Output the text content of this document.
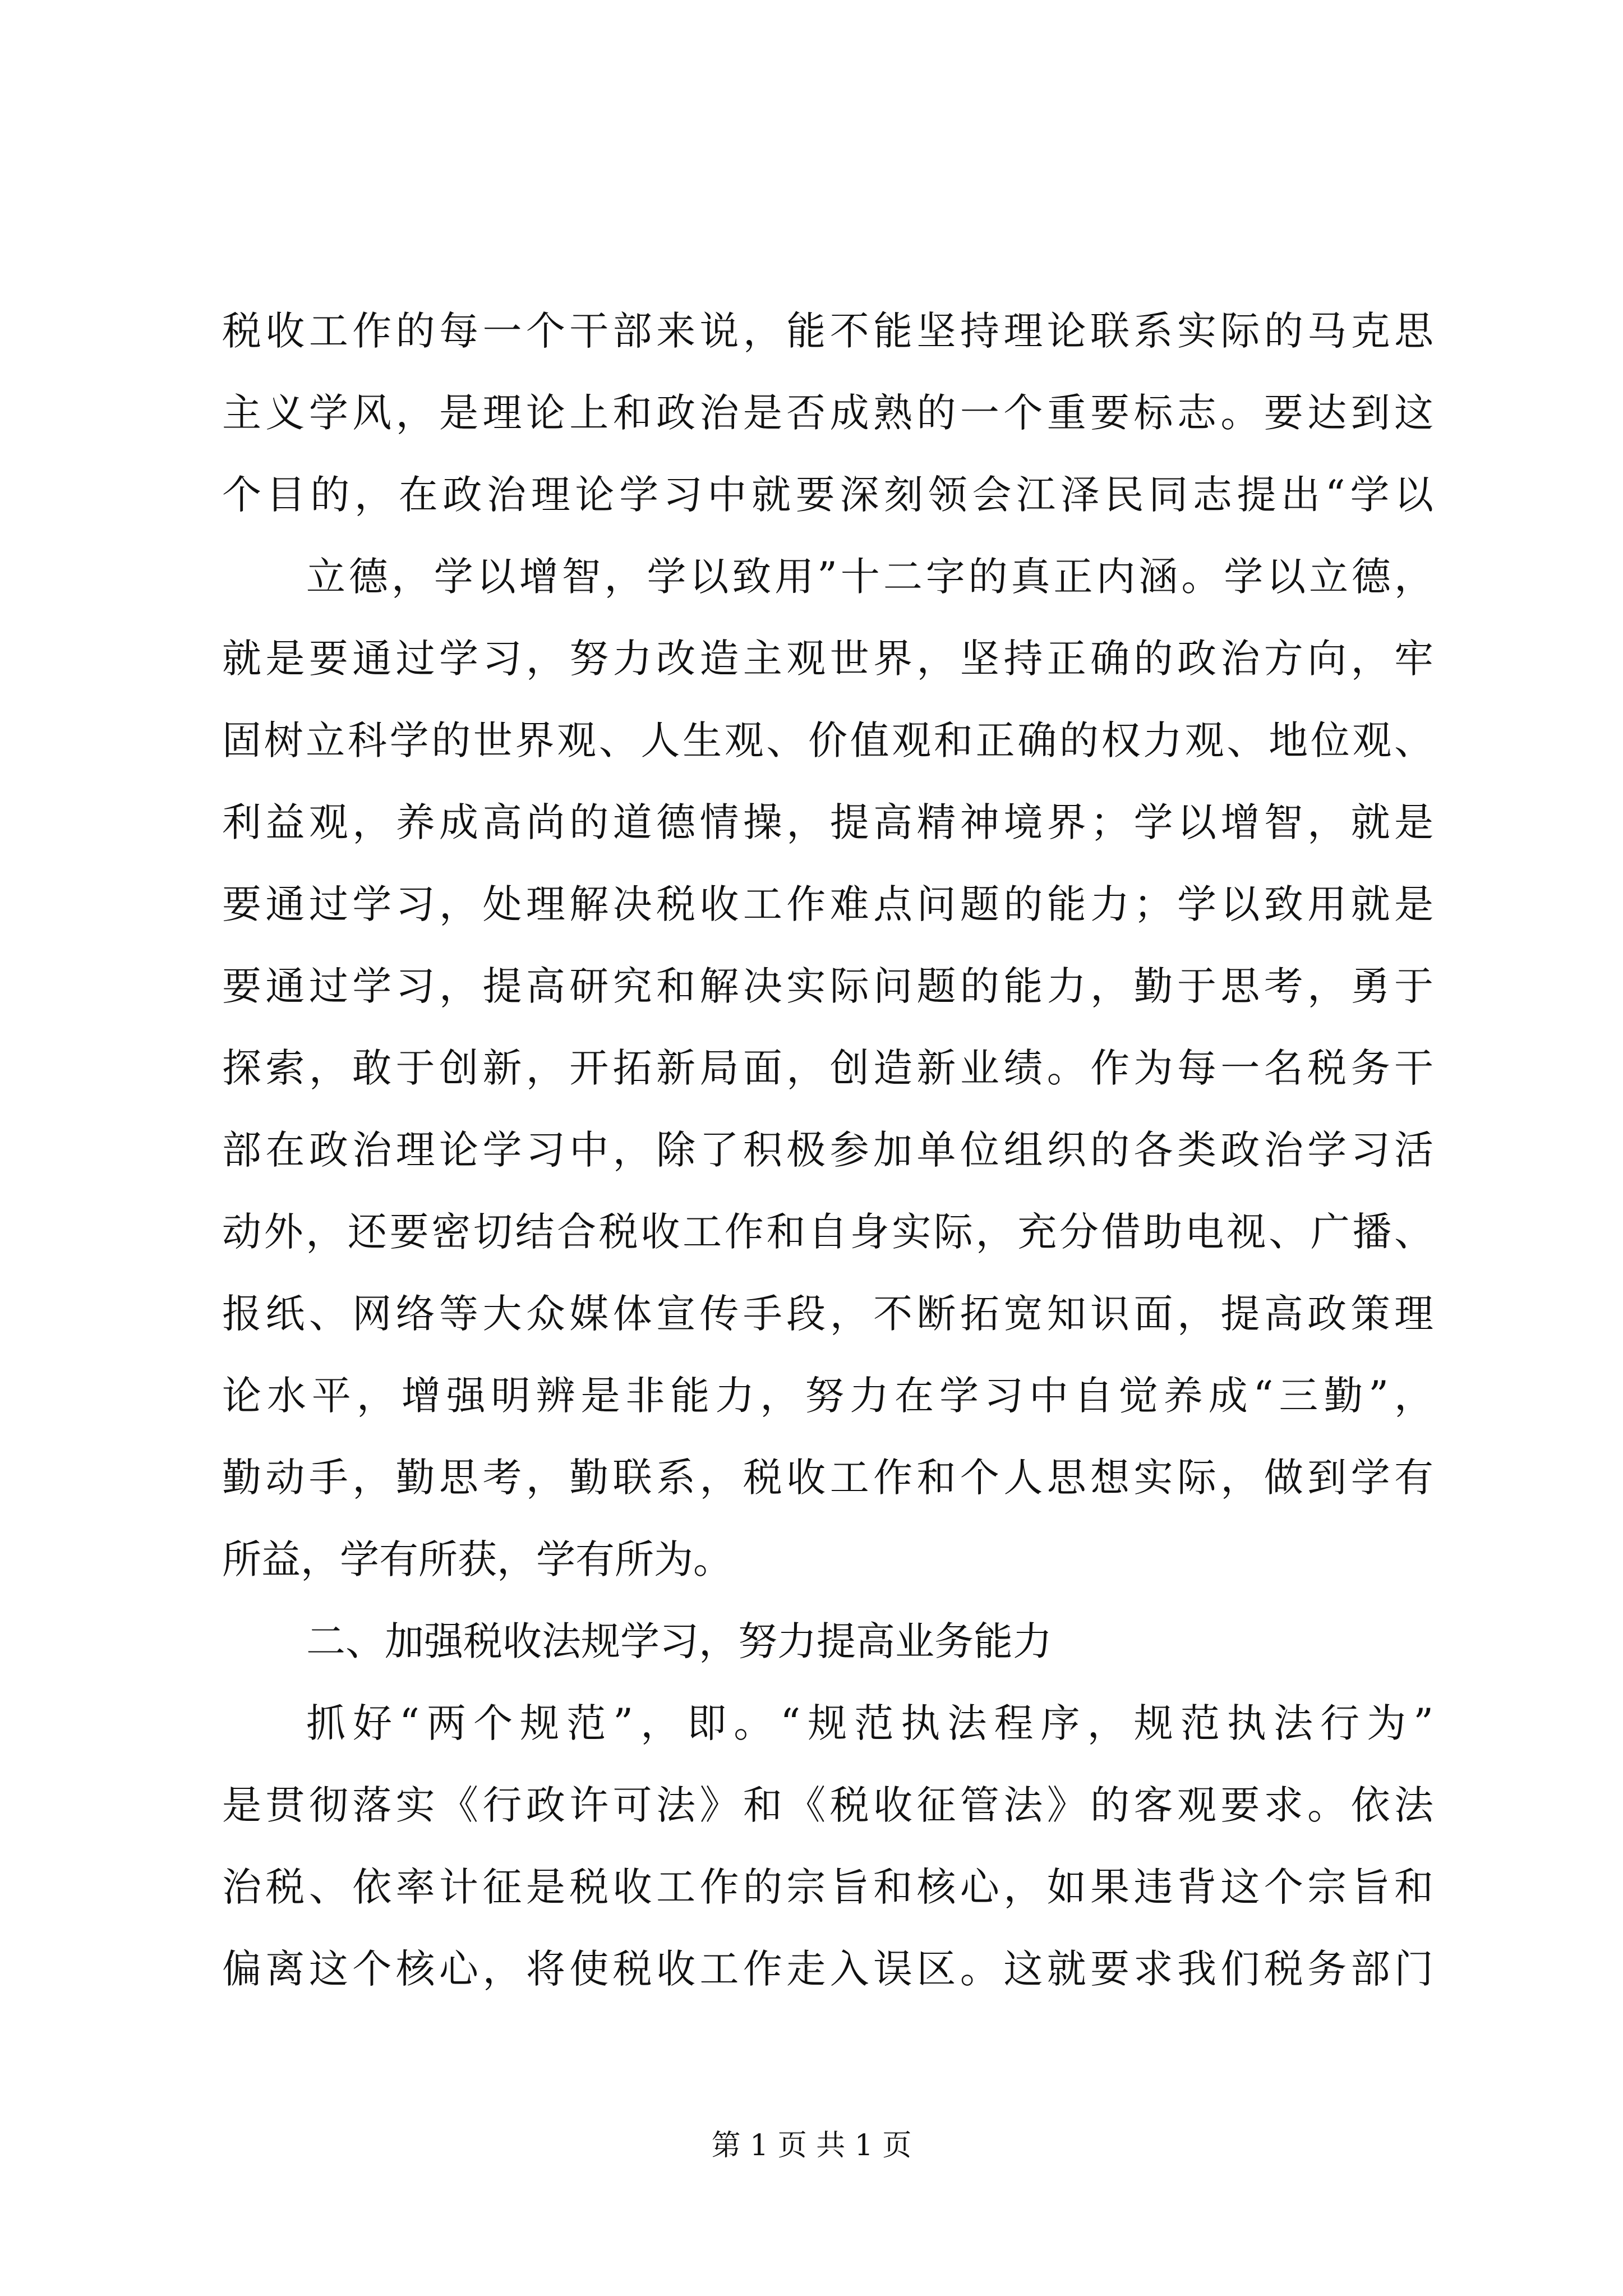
税收工作的每一个干部来说，能不能坚持理论联系实际的马克思
主义学风，是理论上和政治是否成熟的一个重要标志。要达到这
个目的，在政治理论学习中就要深刻领会江泽民同志提出“学以
立德，学以增智，学以致用”十二字的真正内涵。学以立德，
就是要通过学习，努力改造主观世界，坚持正确的政治方向，牢
固树立科学的世界观、人生观、价值观和正确的权力观、地位观、
利益观，养成高尚的道德情操，提高精神境界；学以增智，就是
要通过学习，处理解决税收工作难点问题的能力；学以致用就是
要通过学习，提高研究和解决实际问题的能力，勤于思考，勇于
探索，敢于创新，开拓新局面，创造新业绩。作为每一名税务干
部在政治理论学习中，除了积极参加单位组织的各类政治学习活
动外，还要密切结合税收工作和自身实际，充分借助电视、广播、
报纸、网络等大众媒体宣传手段，不断拓宽知识面，提高政策理
论水平，增强明辨是非能力，努力在学习中自觉养成“三勤”，
勤动手，勤思考，勤联系，税收工作和个人思想实际，做到学有
所益，学有所获，学有所为。
二、加强税收法规学习，努力提高业务能力
抓好“两个规范”，即。“规范执法程序，规范执法行为”
是贯彻落实《行政许可法》和《税收征管法》的客观要求。依法
治税、依率计征是税收工作的宗旨和核心，如果违背这个宗旨和
偏离这个核心，将使税收工作走入误区。这就要求我们税务部门
第 1 页 共 1 页
